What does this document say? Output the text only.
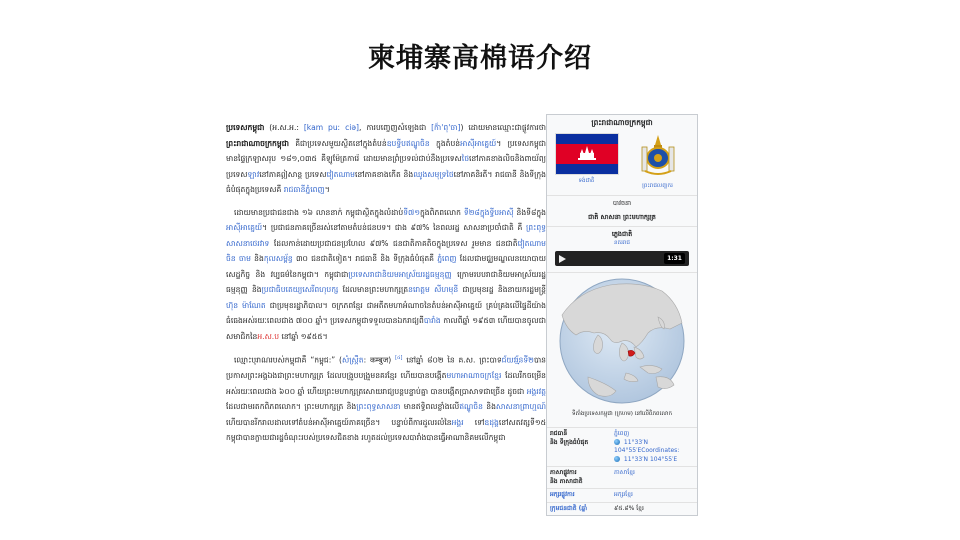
柬埔寨高棉语介绍

ប្រទេសកម្ពុជា (អ.ស.អ.: [kam puː ciə], ការបញ្ចេញសំឡេងជា [ក៏ា'ពុ'ចា]) ដោយមានឈ្មោះជាផ្លូវការថា ព្រះរាជាណាចក្រកម្ពុជា គឺជាប្រទេសមួយស្ថិតនៅក្នុងតំបន់ឧបទ្វីបឥណ្ឌូចិន ក្នុងតំបន់អាស៊ីអាគ្នេយ៍។ ប្រទេសកម្ពុជាមានផ្ទៃក្រឡាសរុប ១៨១,០៣៥ គីឡូម៉ែត្រការ៉េ ដោយមានព្រំប្រទល់ជាប់នឹងប្រទេសថៃនៅភាគខាងលិចនិងពាយ័ព្យ ប្រទេសឡាវនៅភាគឦសាន្ត ប្រទេសវៀតណាមនៅភាគខាងកើត និងឈូងសមុទ្រថៃនៅភាគនិរតី។ រាជធានី និងទីក្រុងធំបំផុតក្នុងប្រទេសគឺ រាជធានីភ្នំពេញ។

ដោយមានប្រជាជនជាង ១៦ លាននាក់ កម្ពុជាស្ថិតក្នុងលំដាប់ទី៧១ក្នុងពិភពលោក ទី២៨ក្នុងទ្វីបអាស៊ី និងទី៨ក្នុងអាស៊ីអាគ្នេយ៍។ ប្រជាជនភាគច្រើនរស់នៅតាមតំបន់ជនបទ។ ជាង ៩៧% នៃពលរដ្ឋ សាសនាប្រចាំជាតិ គឺ ព្រះពុទ្ធសាសនាថេរវាទ ដែលកាន់ដោយប្រជាជនប្រហែល ៩៧% ជនជាតិភាគតិចក្នុងប្រទេស រួមមាន ជនជាតិវៀតណាម ចិន ចាម និងកុលសម្ព័ន្ធ ៣០ ជនជាតិទៀត។ រាជធានី និង ទីក្រុងធំបំផុតគឺ ភ្នំពេញ ដែលជាមជ្ឈមណ្ឌលនយោបាយ សេដ្ឋកិច្ច និង វប្បធម៌នៃកម្ពុជា។ កម្ពុជាជាប្រទេសរាជានិយមអាស្រ័យរដ្ឋធម្មនុញ្ញ ក្រោមរបបរាជានិយមអាស្រ័យរដ្ឋធម្មនុញ្ញ និងប្រជាធិបតេយ្យសេរីពហុបក្ស ដែលមានព្រះមហាក្សត្រនរោត្តម សីហមុនី ជាប្រមុខរដ្ឋ និងនាយករដ្ឋមន្ត្រីហ៊ុន ម៉ាណែត ជាប្រមុខរដ្ឋាភិបាល។ ចក្រភពខ្មែរ ជាអតីតមហាអំណាចនៃតំបន់អាស៊ីអាគ្នេយ៍ គ្រប់គ្រងលើផ្ទៃដីយ៉ាងធំធេងអស់រយៈពេលជាង ៧០០ ឆ្នាំ។ ប្រទេសកម្ពុជាទទួលបានឯករាជ្យពីបារាំង កាលពីឆ្នាំ ១៩៥៣ ហើយបានចូលជាសមាជិកនៃអ.ស.ប នៅឆ្នាំ ១៩៥៥។

ឈ្មោះបុរាណរបស់កម្ពុជាគឺ “កម្ពុជ:” (សំស្រ្កឹត: कम्बुज) [៤] នៅឆ្នាំ ៨០២ នៃ គ.ស. ព្រះបាទជ័យវរ្ម័នទី២បានប្រកាសព្រះអង្គឯងជាព្រះមហាក្សត្រ ដែលបង្រួបបង្រួមនគរខ្មែរ ហើយបានបង្កើតមហាអាណាចក្រខ្មែរ ដែលរីកចម្រើនអស់រយៈពេលជាង ៦០០ ឆ្នាំ ហើយព្រះមហាក្សត្រសោយរាជ្យបន្តបន្ទាប់គ្នា បានបង្កើតប្រាសាទជាច្រើន ដូចជា អង្គរវត្ត ដែលជាមរតកពិភពលោក។ ព្រះមហាក្សត្រ និងព្រះពុទ្ធសាសនា មានឥទ្ធិពលខ្លាំងលើឥណ្ឌូចិន និងសាសនាព្រាហ្មណ៍ ហើយបានរីករាលដាលទៅតំបន់អាស៊ីអាគ្នេយ៍ភាគច្រើន។ បន្ទាប់ពីការដួលរលំនៃអង្គរ ទៅឧដុង្គនៅសតវត្សទី១៥ កម្ពុជាបានក្លាយជារដ្ឋចំណុះរបស់ប្រទេសជិតខាង រហូតដល់ប្រទេសបារាំងបានធ្វើអាណានិគមលើកម្ពុជា

ព្រះរាជាណាចក្រកម្ពុជា
ទង់ជាតិ
ព្រះរាជលញ្ឆករ
បាវចនា
ជាតិ សាសនា ព្រះមហាក្សត្រ
ភ្លេងជាតិ
នគររាជ
1:31
ទីតាំងប្រទេសកម្ពុជា (ក្រហម) នៅលើពិភពលោក
រាជធានី
និង ទីក្រុងធំបំផុត	ភ្នំពេញ
11°33′N
104°55′ECoordinates:
11°33′N 104°55′E
ភាសាផ្លូវការ
និង ភាសាជាតិ	ភាសាខ្មែរ
អក្សរផ្លូវការ	អក្សរខ្មែរ
ក្រុមជនជាតិ (ឆ្នាំ	៩៥.៨% ខ្មែរ
